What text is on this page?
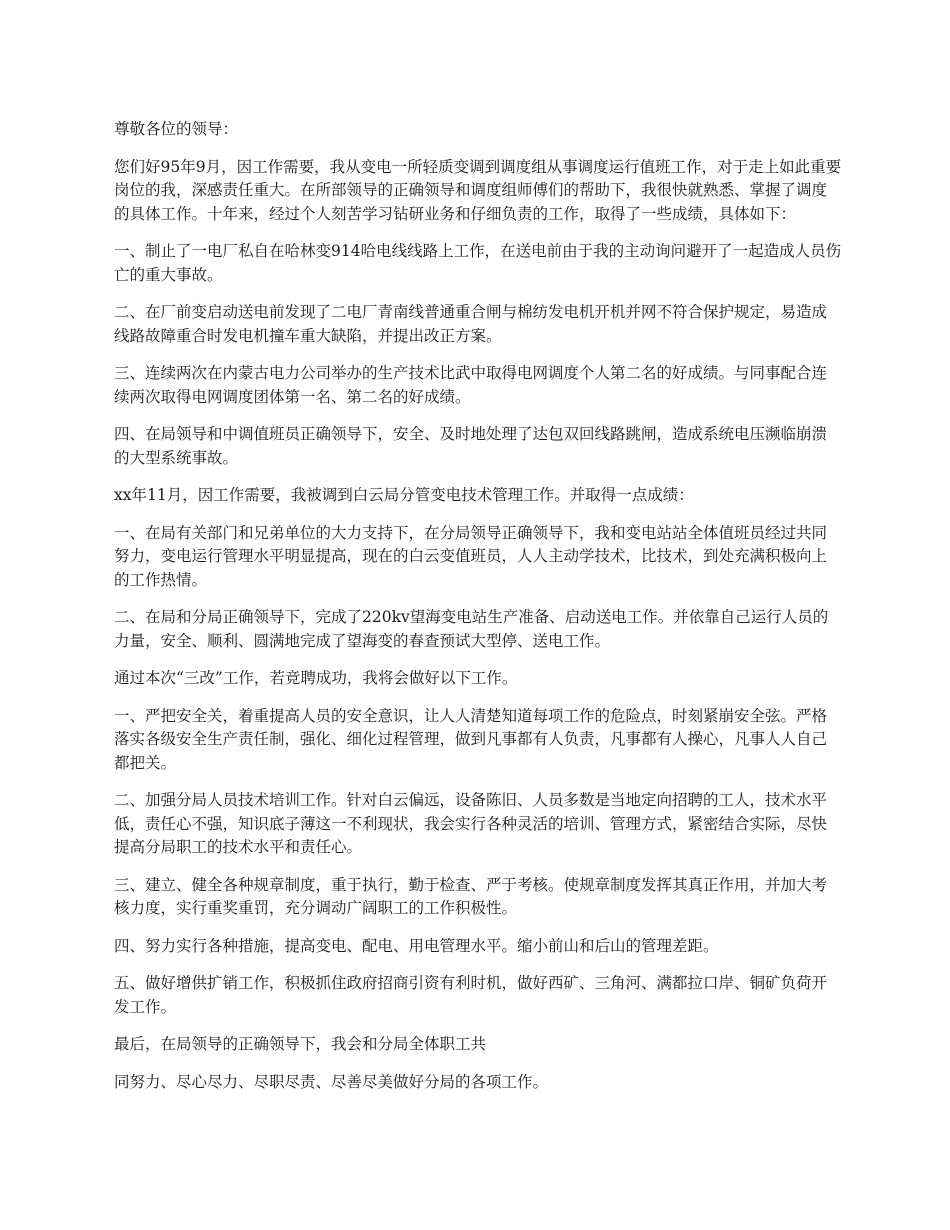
尊敬各位的领导：

您们好95年9月，因工作需要，我从变电一所轻质变调到调度组从事调度运行值班工作，对于走上如此重要岗位的我，深感责任重大。在所部领导的正确领导和调度组师傅们的帮助下，我很快就熟悉、掌握了调度的具体工作。十年来，经过个人刻苦学习钻研业务和仔细负责的工作，取得了一些成绩，具体如下：

一、制止了一电厂私自在哈林变914哈电线线路上工作，在送电前由于我的主动询问避开了一起造成人员伤亡的重大事故。

二、在厂前变启动送电前发现了二电厂青南线普通重合闸与棉纺发电机开机并网不符合保护规定，易造成线路故障重合时发电机撞车重大缺陷，并提出改正方案。

三、连续两次在内蒙古电力公司举办的生产技术比武中取得电网调度个人第二名的好成绩。与同事配合连续两次取得电网调度团体第一名、第二名的好成绩。

四、在局领导和中调值班员正确领导下，安全、及时地处理了达包双回线路跳闸，造成系统电压濒临崩溃的大型系统事故。

xx年11月，因工作需要，我被调到白云局分管变电技术管理工作。并取得一点成绩：

一、在局有关部门和兄弟单位的大力支持下，在分局领导正确领导下，我和变电站站全体值班员经过共同努力，变电运行管理水平明显提高，现在的白云变值班员，人人主动学技术，比技术，到处充满积极向上的工作热情。

二、在局和分局正确领导下，完成了220kv望海变电站生产准备、启动送电工作。并依靠自己运行人员的力量，安全、顺利、圆满地完成了望海变的春查预试大型停、送电工作。

通过本次“三改”工作，若竞聘成功，我将会做好以下工作。

一、严把安全关，着重提高人员的安全意识，让人人清楚知道每项工作的危险点，时刻紧崩安全弦。严格落实各级安全生产责任制，强化、细化过程管理，做到凡事都有人负责，凡事都有人操心，凡事人人自己都把关。

二、加强分局人员技术培训工作。针对白云偏远，设备陈旧、人员多数是当地定向招聘的工人，技术水平低，责任心不强，知识底子薄这一不利现状，我会实行各种灵活的培训、管理方式，紧密结合实际，尽快提高分局职工的技术水平和责任心。

三、建立、健全各种规章制度，重于执行，勤于检查、严于考核。使规章制度发挥其真正作用，并加大考核力度，实行重奖重罚，充分调动广阔职工的工作积极性。

四、努力实行各种措施，提高变电、配电、用电管理水平。缩小前山和后山的管理差距。

五、做好增供扩销工作，积极抓住政府招商引资有利时机，做好西矿、三角河、满都拉口岸、铜矿负荷开发工作。

最后，在局领导的正确领导下，我会和分局全体职工共

同努力、尽心尽力、尽职尽责、尽善尽美做好分局的各项工作。
